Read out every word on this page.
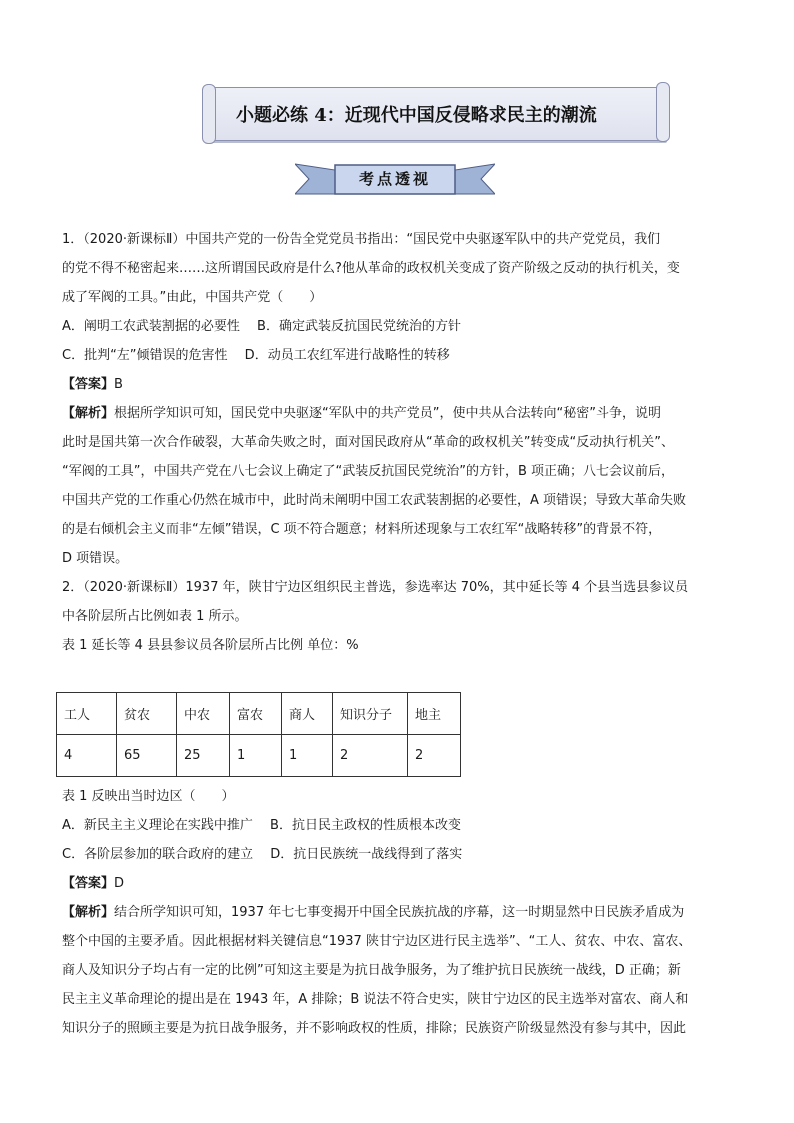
小题必练 4：近现代中国反侵略求民主的潮流
考点透视
1．（2020·新课标Ⅱ）中国共产党的一份告全党党员书指出：“国民党中央驱逐军队中的共产党党员，我们
的党不得不秘密起来……这所谓国民政府是什么?他从革命的政权机关变成了资产阶级之反动的执行机关，变
成了军阀的工具。”由此，中国共产党（　　）
A．阐明工农武装割据的必要性　 B．确定武装反抗国民党统治的方针
C．批判“左”倾错误的危害性　 D．动员工农红军进行战略性的转移
【答案】B
【解析】根据所学知识可知，国民党中央驱逐“军队中的共产党员”，使中共从合法转向“秘密”斗争，说明
此时是国共第一次合作破裂，大革命失败之时，面对国民政府从“革命的政权机关”转变成“反动执行机关”、
“军阀的工具”，中国共产党在八七会议上确定了“武装反抗国民党统治”的方针，B 项正确；八七会议前后，
中国共产党的工作重心仍然在城市中，此时尚未阐明中国工农武装割据的必要性，A 项错误；导致大革命失败
的是右倾机会主义而非“左倾”错误，C 项不符合题意；材料所述现象与工农红军“战略转移”的背景不符，
D 项错误。
2．（2020·新课标Ⅱ）1937 年，陕甘宁边区组织民主普选，参选率达 70%，其中延长等 4 个县当选县参议员
中各阶层所占比例如表 1 所示。
表 1 延长等 4 县县参议员各阶层所占比例 单位：%
工人	贫农	中农	富农	商人	知识分子	地主
4	65	25	1	1	2	2
表 1 反映出当时边区（　　）
A．新民主主义理论在实践中推广　 B．抗日民主政权的性质根本改变
C．各阶层参加的联合政府的建立　 D．抗日民族统一战线得到了落实
【答案】D
【解析】结合所学知识可知，1937 年七七事变揭开中国全民族抗战的序幕，这一时期显然中日民族矛盾成为
整个中国的主要矛盾。因此根据材料关键信息“1937 陕甘宁边区进行民主选举”、“工人、贫农、中农、富农、
商人及知识分子均占有一定的比例”可知这主要是为抗日战争服务，为了维护抗日民族统一战线，D 正确；新
民主主义革命理论的提出是在 1943 年，A 排除；B 说法不符合史实，陕甘宁边区的民主选举对富农、商人和
知识分子的照顾主要是为抗日战争服务，并不影响政权的性质，排除；民族资产阶级显然没有参与其中，因此
